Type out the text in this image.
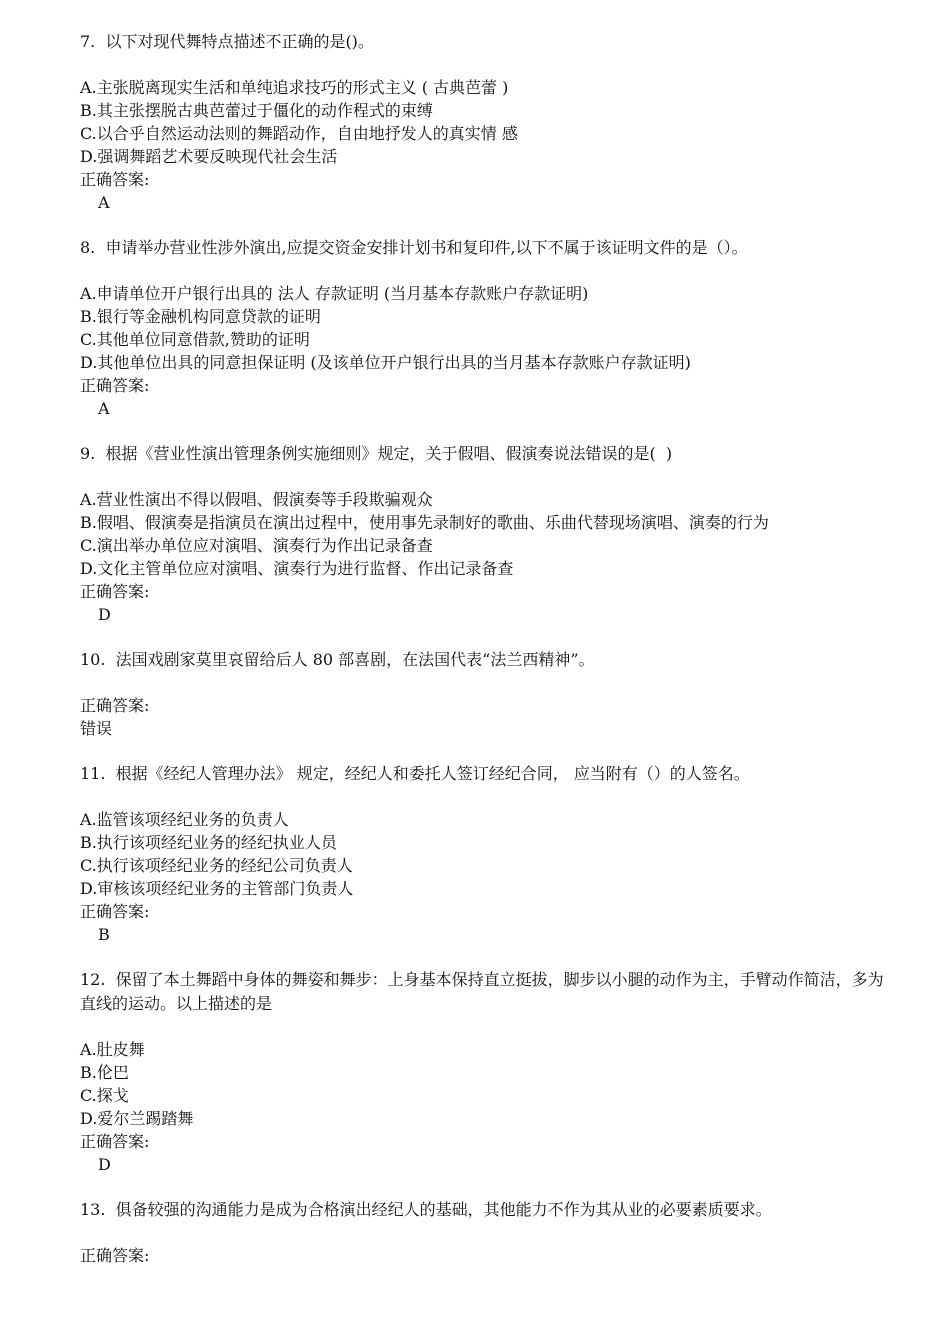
7.  以下对现代舞特点描述不正确的是()。

A.主张脱离现实生活和单纯追求技巧的形式主义 ( 古典芭蕾 )

B.其主张摆脱古典芭蕾过于僵化的动作程式的束缚

C.以合乎自然运动法则的舞蹈动作，自由地抒发人的真实情 感

D.强调舞蹈艺术要反映现代社会生活

正确答案:

A

8.  申请举办营业性涉外演出,应提交资金安排计划书和复印件,以下不属于该证明文件的是（）。

A.申请单位开户银行出具的 法人 存款证明 (当月基本存款账户存款证明)

B.银行等金融机构同意贷款的证明

C.其他单位同意借款,赞助的证明

D.其他单位出具的同意担保证明 (及该单位开户银行出具的当月基本存款账户存款证明)

正确答案:

A

9.  根据《营业性演出管理条例实施细则》规定，关于假唱、假演奏说法错误的是(  )

A.营业性演出不得以假唱、假演奏等手段欺骗观众

B.假唱、假演奏是指演员在演出过程中，使用事先录制好的歌曲、乐曲代替现场演唱、演奏的行为

C.演出举办单位应对演唱、演奏行为作出记录备查

D.文化主管单位应对演唱、演奏行为进行监督、作出记录备查

正确答案:

D

10.  法国戏剧家莫里哀留给后人 80 部喜剧，在法国代表“法兰西精神”。

正确答案:

错误

11.  根据《经纪人管理办法》 规定，经纪人和委托人签订经纪合同， 应当附有（）的人签名。

A.监管该项经纪业务的负责人

B.执行该项经纪业务的经纪执业人员

C.执行该项经纪业务的经纪公司负责人

D.审核该项经纪业务的主管部门负责人

正确答案:

B

12.  保留了本土舞蹈中身体的舞姿和舞步：上身基本保持直立挺拔，脚步以小腿的动作为主，手臂动作简洁，多为直线的运动。以上描述的是

A.肚皮舞

B.伦巴

C.探戈

D.爱尔兰踢踏舞

正确答案:

D

13.  俱备较强的沟通能力是成为合格演出经纪人的基础，其他能力不作为其从业的必要素质要求。

正确答案:
